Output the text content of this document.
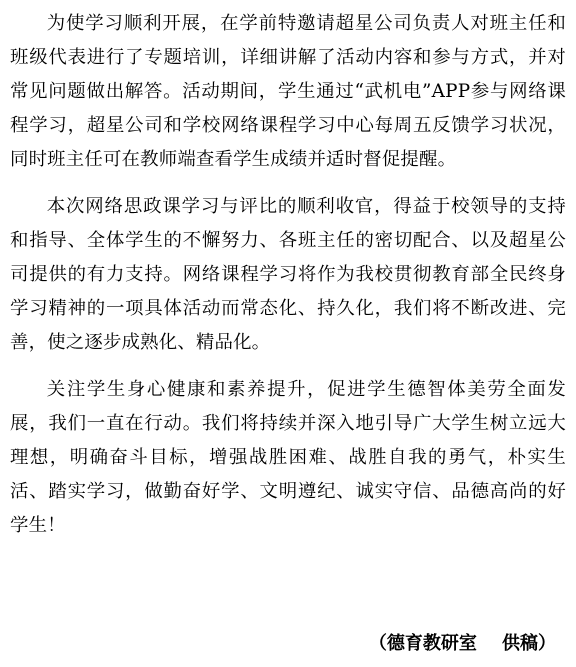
为使学习顺利开展，在学前特邀请超星公司负责人对班主任和班级代表进行了专题培训，详细讲解了活动内容和参与方式，并对常见问题做出解答。活动期间，学生通过“武机电”APP参与网络课程学习，超星公司和学校网络课程学习中心每周五反馈学习状况，同时班主任可在教师端查看学生成绩并适时督促提醒。

本次网络思政课学习与评比的顺利收官，得益于校领导的支持和指导、全体学生的不懈努力、各班主任的密切配合、以及超星公司提供的有力支持。网络课程学习将作为我校贯彻教育部全民终身学习精神的一项具体活动而常态化、持久化，我们将不断改进、完善，使之逐步成熟化、精品化。

关注学生身心健康和素养提升，促进学生德智体美劳全面发展，我们一直在行动。我们将持续并深入地引导广大学生树立远大理想，明确奋斗目标，增强战胜困难、战胜自我的勇气，朴实生活、踏实学习，做勤奋好学、文明遵纪、诚实守信、品德高尚的好学生！

（德育教研室    供稿）
